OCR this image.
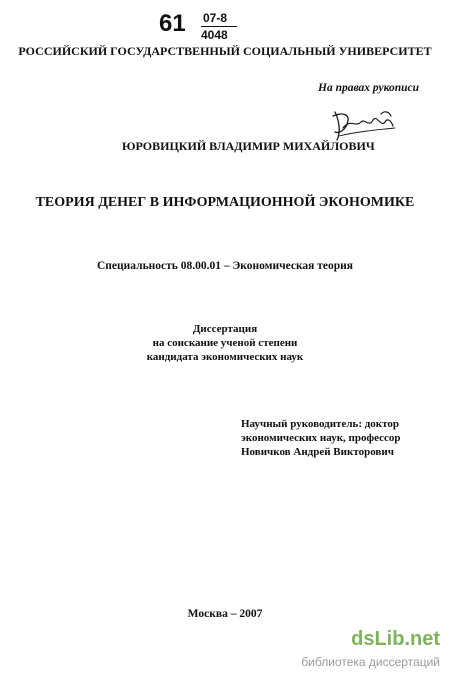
61 07-8
4048
РОССИЙСКИЙ ГОСУДАРСТВЕННЫЙ СОЦИАЛЬНЫЙ УНИВЕРСИТЕТ
На правах рукописи
ЮРОВИЦКИЙ ВЛАДИМИР МИХАЙЛОВИЧ
ТЕОРИЯ ДЕНЕГ В ИНФОРМАЦИОННОЙ ЭКОНОМИКЕ
Специальность 08.00.01 – Экономическая теория
Диссертация
на соискание ученой степени
кандидата экономических наук
Научный руководитель: доктор
экономических наук, профессор
Новичков Андрей Викторович
Москва – 2007
dsLib.net
библиотека диссертаций
